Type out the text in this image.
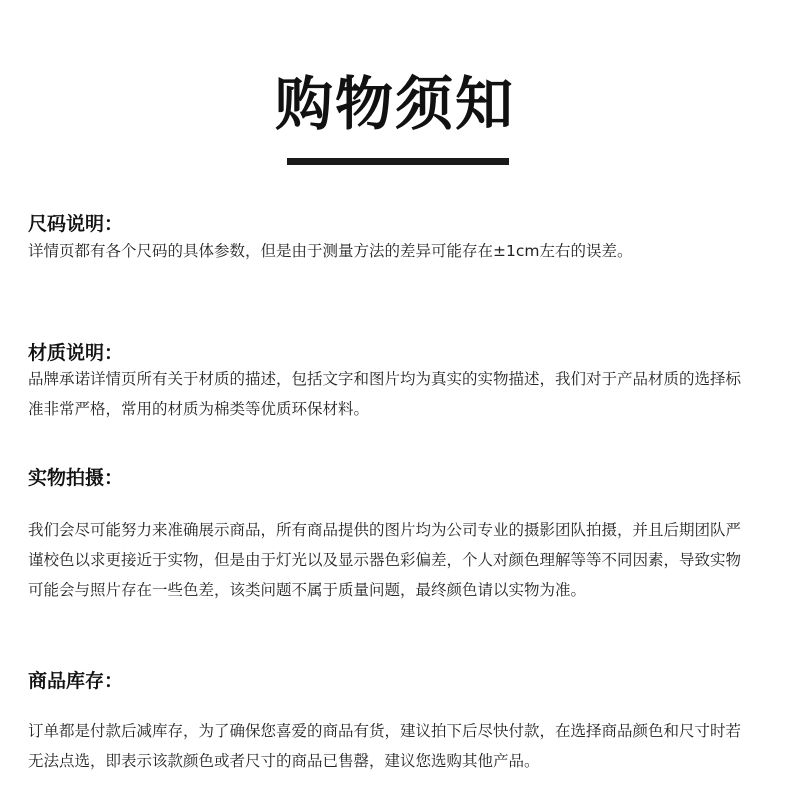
购物须知
尺码说明：

详情页都有各个尺码的具体参数，但是由于测量方法的差异可能存在±1cm左右的误差。

材质说明：

品牌承诺详情页所有关于材质的描述，包括文字和图片均为真实的实物描述，我们对于产品材质的选择标准非常严格，常用的材质为棉类等优质环保材料。

实物拍摄：

我们会尽可能努力来准确展示商品，所有商品提供的图片均为公司专业的摄影团队拍摄，并且后期团队严谨校色以求更接近于实物，但是由于灯光以及显示器色彩偏差，个人对颜色理解等等不同因素，导致实物可能会与照片存在一些色差，该类问题不属于质量问题，最终颜色请以实物为准。

商品库存：

订单都是付款后减库存，为了确保您喜爱的商品有货，建议拍下后尽快付款，在选择商品颜色和尺寸时若无法点选，即表示该款颜色或者尺寸的商品已售罄，建议您选购其他产品。
